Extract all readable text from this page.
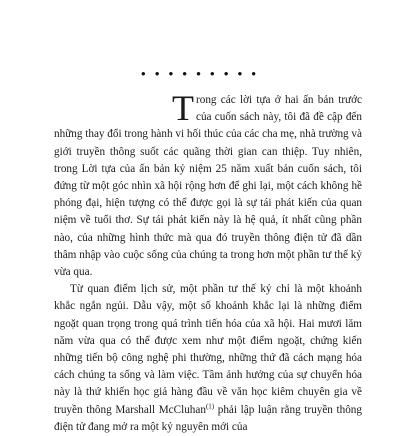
• • • • • • • • •

Trong các lời tựa ở hai ấn bản trước của cuốn sách này, tôi đã đề cập đến những thay đổi trong hành vi hối thúc của các cha mẹ, nhà trường và giới truyền thông suốt các quãng thời gian can thiệp. Tuy nhiên, trong Lời tựa của ấn bản kỷ niệm 25 năm xuất bản cuốn sách, tôi đứng từ một góc nhìn xã hội rộng hơn để ghi lại, một cách không hề phóng đại, hiện tượng có thể được gọi là sự tái phát kiến của quan niệm về tuổi thơ. Sự tái phát kiến này là hệ quả, ít nhất cũng phần nào, của những hình thức mà qua đó truyền thông điện tử đã dần thâm nhập vào cuộc sống của chúng ta trong hơn một phần tư thế kỷ vừa qua.

Từ quan điểm lịch sử, một phần tư thế kỷ chỉ là một khoảnh khắc ngắn ngủi. Dẫu vậy, một số khoảnh khắc lại là những điểm ngoặt quan trọng trong quá trình tiến hóa của xã hội. Hai mươi lăm năm vừa qua có thể được xem như một điểm ngoặt, chứng kiến những tiến bộ công nghệ phi thường, những thứ đã cách mạng hóa cách chúng ta sống và làm việc. Tầm ảnh hưởng của sự chuyển hóa này là thứ khiến học giả hàng đầu về văn học kiêm chuyên gia về truyền thông Marshall McCluhan$^{(1)}$ phải lập luận rằng truyền thông điện tử đang mở ra một kỷ nguyên mới của
